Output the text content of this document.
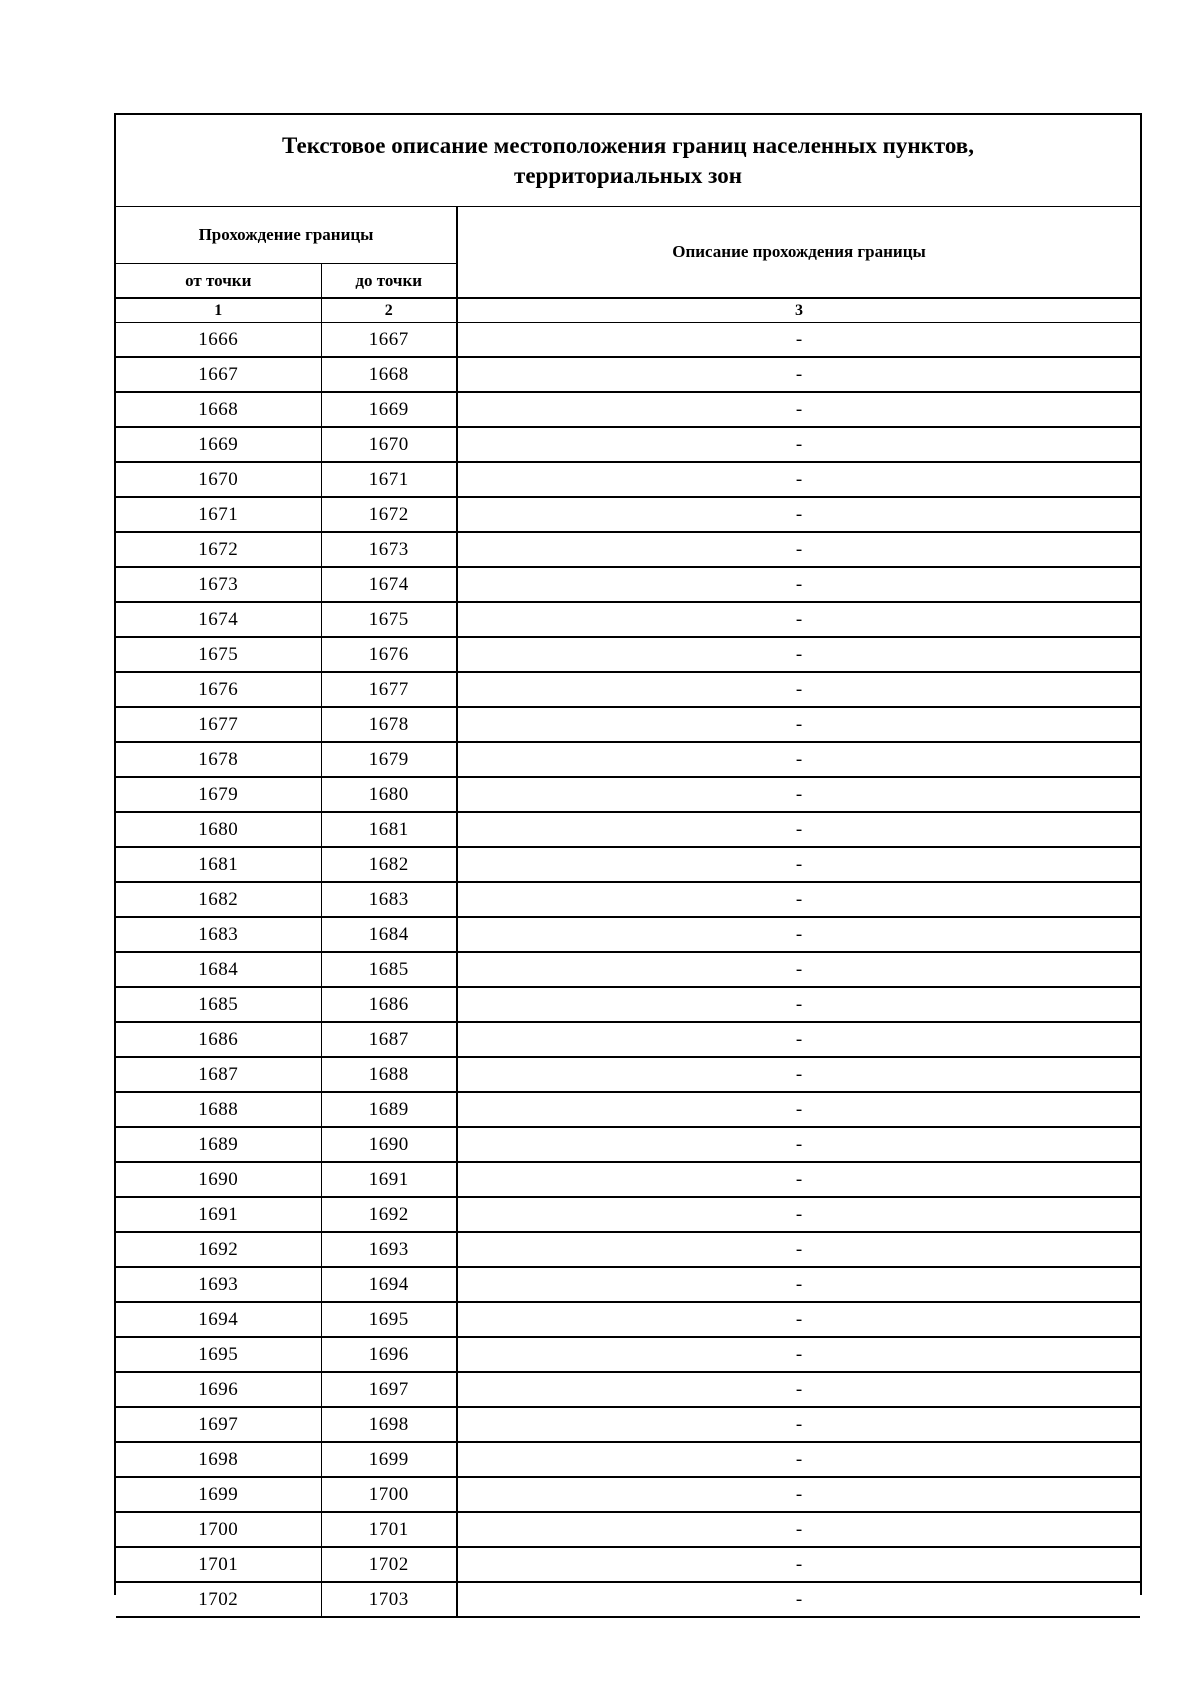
Текстовое описание местоположения границ населенных пунктов,
территориальных зон
Прохождение границы		Описание прохождения границы
от точки	до точки	
1	2	3
1666	1667	-
1667	1668	-
1668	1669	-
1669	1670	-
1670	1671	-
1671	1672	-
1672	1673	-
1673	1674	-
1674	1675	-
1675	1676	-
1676	1677	-
1677	1678	-
1678	1679	-
1679	1680	-
1680	1681	-
1681	1682	-
1682	1683	-
1683	1684	-
1684	1685	-
1685	1686	-
1686	1687	-
1687	1688	-
1688	1689	-
1689	1690	-
1690	1691	-
1691	1692	-
1692	1693	-
1693	1694	-
1694	1695	-
1695	1696	-
1696	1697	-
1697	1698	-
1698	1699	-
1699	1700	-
1700	1701	-
1701	1702	-
1702	1703	-
